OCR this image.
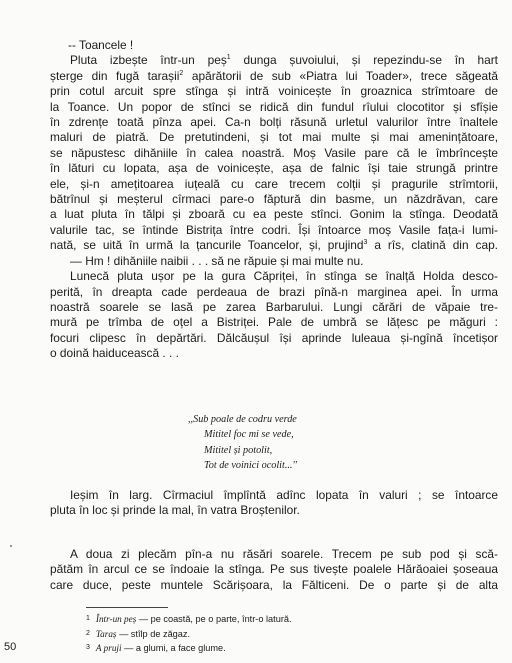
-- Toancele !

Pluta izbește într-un peș$^1$ dunga șuvoiului, și repezindu-se în hart
șterge din fugă tarașii$^2$ apărătorii de sub «Piatra lui Toader», trece săgeată
prin cotul arcuit spre stînga și intră voinicește în groaznica strîmtoare de
la Toance. Un popor de stînci se ridică din fundul rîului clocotitor și sfîșie
în zdrențe toată pînza apei. Ca-n bolți răsună urletul valurilor între înaltele
maluri de piatră. De pretutindeni, și tot mai multe și mai amenințătoare,
se năpustesc dihăniile în calea noastră. Moș Vasile pare că le îmbrîncește
în lături cu lopata, așa de voinicește, așa de falnic își taie strungă printre
ele, și-n amețitoarea iuțeală cu care trecem colții și pragurile strîmtorii,
bătrînul și meșterul cîrmaci pare-o făptură din basme, un năzdrăvan, care
a luat pluta în tălpi și zboară cu ea peste stînci. Gonim la stînga. Deodată
valurile tac, se întinde Bistrița între codri. Își întoarce moș Vasile fața-i lumi-
nată, se uită în urmă la țancurile Toancelor, și, prujind$^3$ a rîs, clatină din cap.

— Hm ! dihăniile naibii . . . să ne răpuie și mai multe nu.

Lunecă pluta ușor pe la gura Căpriței, în stînga se înalță Holda desco-
perită, în dreapta cade perdeaua de brazi pînă-n marginea apei. În urma
noastră soarele se lasă pe zarea Barbarului. Lungi cărări de văpaie tre-
mură pe trîmba de oțel a Bistriței. Pale de umbră se lățesc pe măguri :
focuri clipesc în depărtări. Dălcăușul își aprinde luleaua și-ngînă încetișor
o doină haiducească . . .

,,Sub poale de codru verde
Mititel foc mi se vede,
Mititel și potolit,
Tot de voinici ocolit...''
Ieșim în larg. Cîrmaciul împlîntă adînc lopata în valuri ; se întoarce
pluta în loc și prinde la mal, în vatra Broștenilor.
A doua zi plecăm pîn-a nu răsări soarele. Trecem pe sub pod și scă-
pătăm în arcul ce se îndoaie la stînga. Pe sus tivește poalele Hărăoaiei șoseaua
care duce, peste muntele Scărișoara, la Fălticeni. De o parte și de alta
$^1$ Într-un peș — pe coastă, pe o parte, într-o latură.
$^2$ Taraș — stîlp de zăgaz.
$^3$ A pruji — a glumi, a face glume.
50
